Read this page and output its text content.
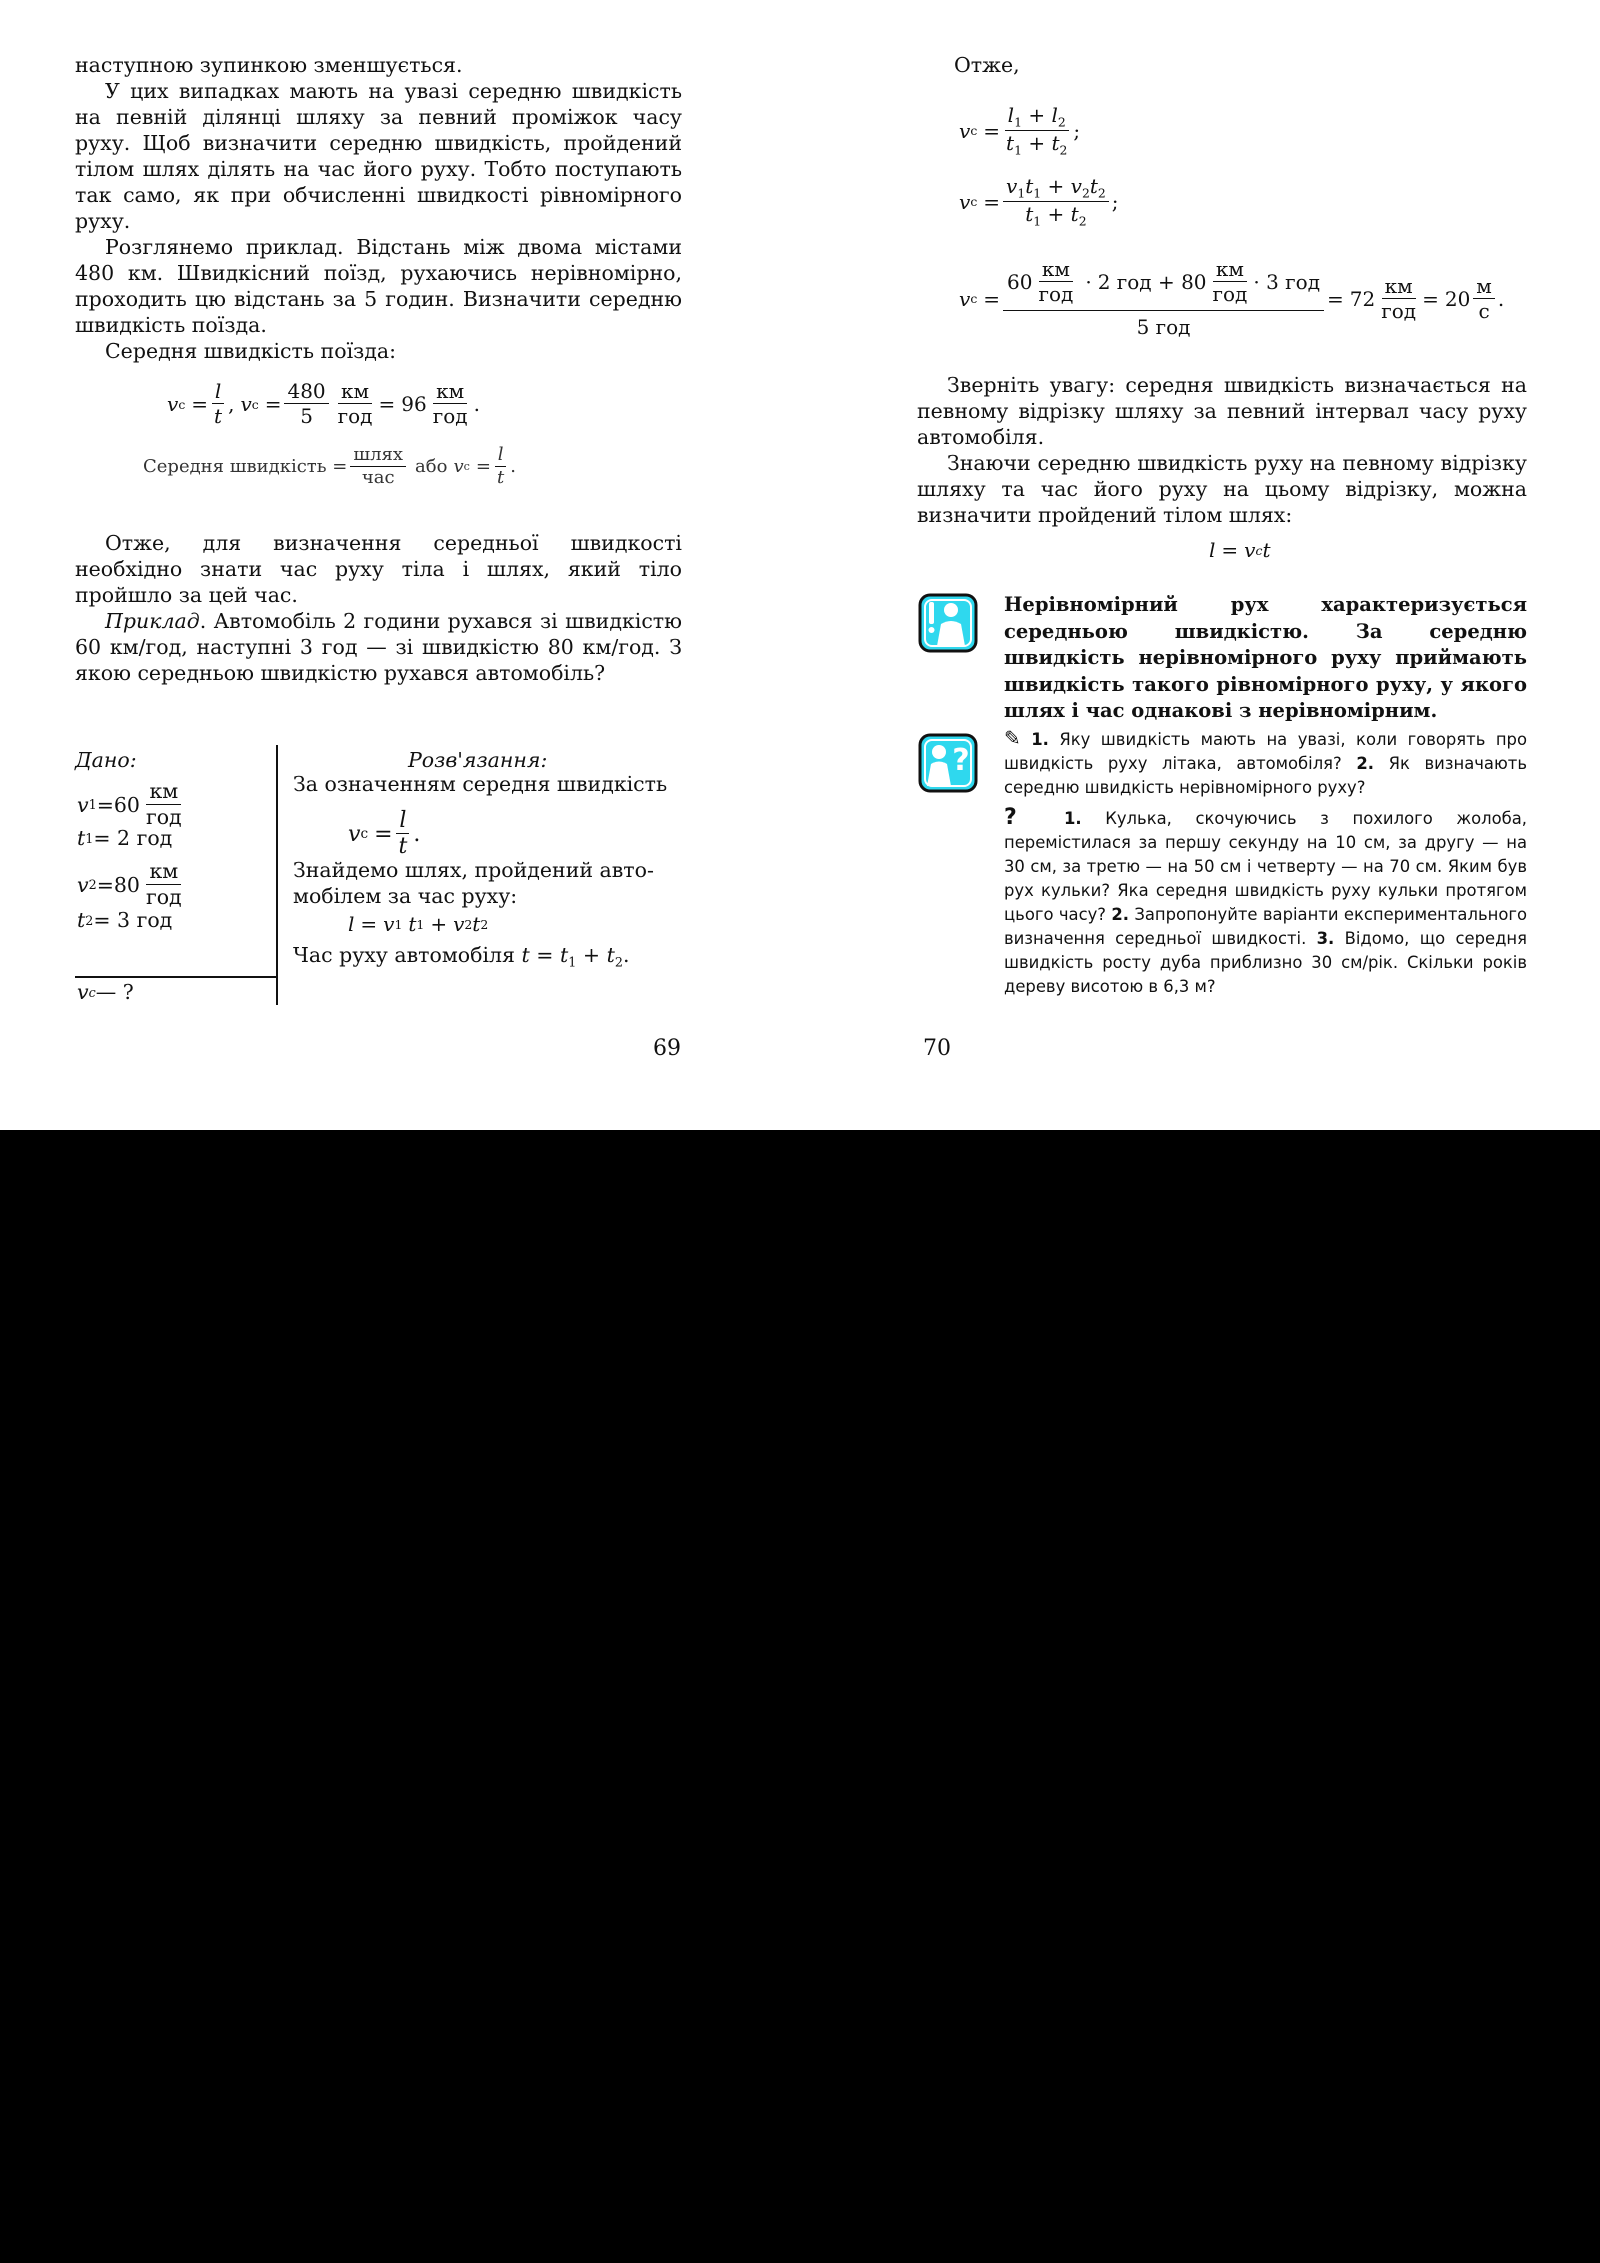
наступною зупинкою зменшується.

У цих випадках мають на увазі середню швидкість на певній ділянці шляху за певний проміжок часу руху. Щоб визначити середню швидкість, пройдений тілом шлях ділять на час його руху. Тобто поступають так само, як при обчисленні швидкості рівномірного руху.

Розглянемо приклад. Відстань між двома містами 480 км. Швидкісний поїзд, рухаючись нерівномірно, проходить цю відстань за 5 годин. Визначити середню швидкість поїзда.

Середня швидкість поїзда:

v $c = \frac{l}{t}$ , v $c = \frac{480}{5} \frac{км}{\text{год}} = 96 \frac{км}{\text{год}}$ .
Середня швидкість = $\frac{\text{шлях}}{\text{час}}$ або v $c = \frac{l}{t}$ .

Отже, для визначення середньої швидкості необхідно знати час руху тіла і шлях, який тіло пройшло за цей час.

Приклад. Автомобіль 2 години рухався зі швидкістю 60 км/год, наступні 3 год — зі швидкістю 80 км/год. З якою середньою швидкістю рухався автомобіль?

Дано:
v $1 = 60 \frac{км}{\text{год}}$
t 1 = 2 год
v $2 = 80 \frac{км}{\text{год}}$
t 2 = 3 год
v c — ?
Розв'язання:
За означенням середня швидкість
v $c = \frac{l}{t}$ .
Знайдемо шлях, пройдений авто-
мобілем за час руху:
l = v 1 t 1 + v 2 t 2
Час руху автомобіля $t = t_1 + t_2$.
69

Отже,

v $c = \frac{l_1 + l_2}{t_1 + t_2}$ ;
v $c = \frac{v_1t_1 + v_2t_2}{t_1 + t_2}$ ;
v c =
$60 \frac{км}{\text{год}} \cdot 2$ год + $80 \frac{км}{\text{год}} \cdot 3$ год
5 год
= $72 \frac{км}{\text{год}} = 20 \frac{м}{с}$ .

Зверніть увагу: середня швидкість визначається на певному відрізку шляху за певний інтервал часу руху автомобіля.

Знаючи середню швидкість руху на певному відрізку шляху та час його руху на цьому відрізку, можна визначити пройдений тілом шлях:

l = v c t
Нерівномірний рух характеризується середньою швидкістю. За середню швидкість нерівномірного руху приймають швидкість такого рівномірного руху, у якого шлях і час однакові з нерівномірним.
?
✎ 1. Яку швидкість мають на увазі, коли говорять про швидкість руху літака, автомобіля? 2. Як визначають середню швидкість нерівномірного руху?
?	1. Кулька, скочуючись з похилого жолоба, перемістилася за першу секунду на 10 см, за другу — на 30 см, за третю — на 50 см і четверту — на 70 см. Яким був рух кульки? Яка середня швидкість руху кульки протягом цього часу? 2. Запропонуйте варіанти експериментального визначення середньої швидкості. 3. Відомо, що середня швидкість росту дуба приблизно 30 см/рік. Скільки років дереву висотою в 6,3 м?
70
